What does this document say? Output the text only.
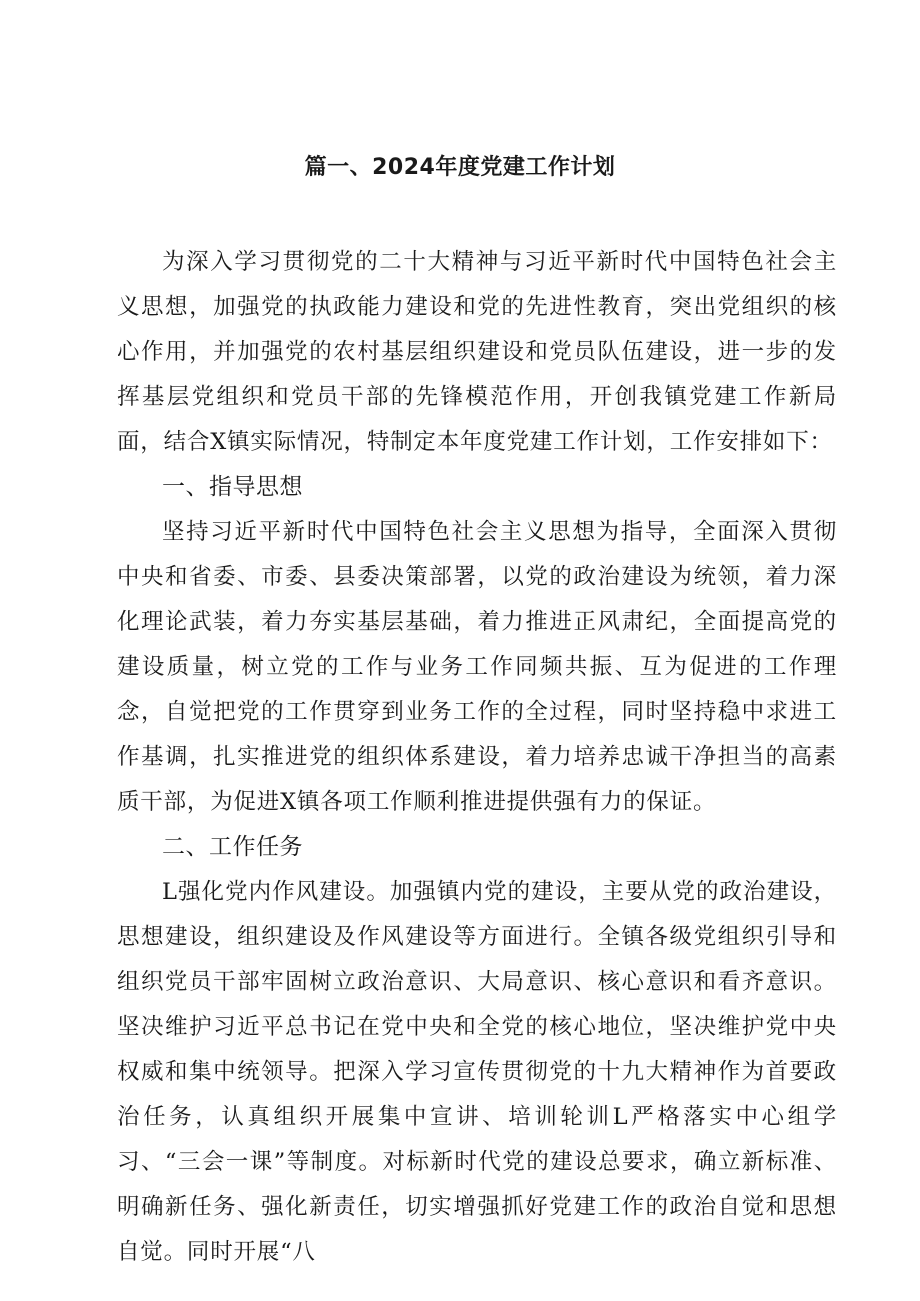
篇一、2024年度党建工作计划

为深入学习贯彻党的二十大精神与习近平新时代中国特色社会主义思想，加强党的执政能力建设和党的先进性教育，突出党组织的核心作用，并加强党的农村基层组织建设和党员队伍建设，进一步的发挥基层党组织和党员干部的先锋模范作用，开创我镇党建工作新局面，结合X镇实际情况，特制定本年度党建工作计划，工作安排如下：

一、指导思想

坚持习近平新时代中国特色社会主义思想为指导，全面深入贯彻中央和省委、市委、县委决策部署，以党的政治建设为统领，着力深化理论武装，着力夯实基层基础，着力推进正风肃纪，全面提高党的建设质量，树立党的工作与业务工作同频共振、互为促进的工作理念，自觉把党的工作贯穿到业务工作的全过程，同时坚持稳中求进工作基调，扎实推进党的组织体系建设，着力培养忠诚干净担当的高素质干部，为促进X镇各项工作顺利推进提供强有力的保证。

二、工作任务

L强化党内作风建设。加强镇内党的建设，主要从党的政治建设，思想建设，组织建设及作风建设等方面进行。全镇各级党组织引导和组织党员干部牢固树立政治意识、大局意识、核心意识和看齐意识。坚决维护习近平总书记在党中央和全党的核心地位，坚决维护党中央权威和集中统领导。把深入学习宣传贯彻党的十九大精神作为首要政治任务，认真组织开展集中宣讲、培训轮训L严格落实中心组学习、“三会一课”等制度。对标新时代党的建设总要求，确立新标准、明确新任务、强化新责任，切实增强抓好党建工作的政治自觉和思想自觉。同时开展“八
